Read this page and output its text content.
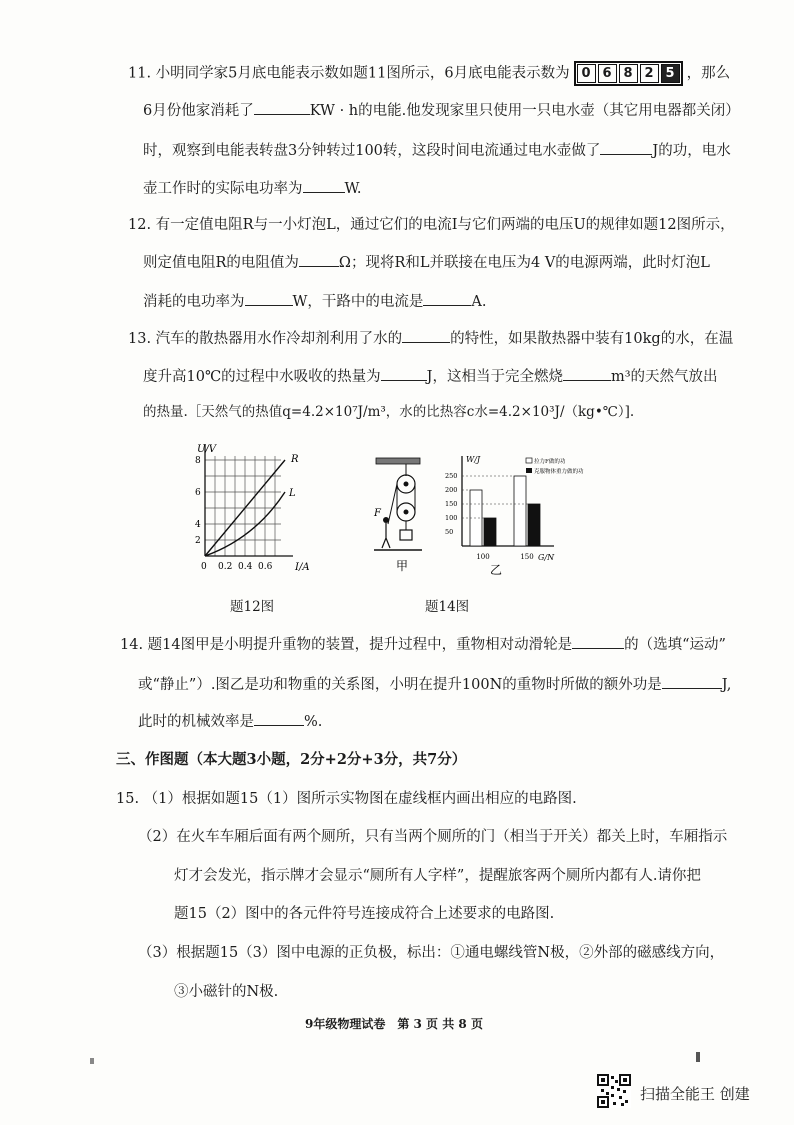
11. 小明同学家5月底电能表示数如题11图所示，6月底电能表示数为 0 6 8 2 5 ，那么
6月份他家消耗了	KW · h的电能.他发现家里只使用一只电水壶（其它用电器都关闭）
时，观察到电能表转盘3分钟转过100转，这段时间电流通过电水壶做了	J的功，电水
壶工作时的实际电功率为	W.
12. 有一定值电阻R与一小灯泡L，通过它们的电流I与它们两端的电压U的规律如题12图所示，
则定值电阻R的电阻值为	Ω；现将R和L并联接在电压为4 V的电源两端，此时灯泡L
消耗的电功率为	W，干路中的电流是	A.
13. 汽车的散热器用水作冷却剂利用了水的	的特性，如果散热器中装有10kg的水，在温
度升高10℃的过程中水吸收的热量为	J，这相当于完全燃烧	m³的天然气放出
的热量.［天然气的热值q=4.2×10⁷J/m³，水的比热容c水=4.2×10³J/（kg•℃）].
U/V
R
L
8
6
4
2
0 0.2 0.4 0.6 I/A
题12图
F
甲
W/J
G/N
拉力F做的功
克服物体重力做的功
100	150
250
200
150
100
50
乙
题14图
14. 题14图甲是小明提升重物的装置，提升过程中，重物相对动滑轮是	的（选填“运动”
或“静止”）.图乙是功和物重的关系图，小明在提升100N的重物时所做的额外功是	J,
此时的机械效率是	%.
三、作图题（本大题3小题，2分+2分+3分，共7分）
15. （1）根据如题15（1）图所示实物图在虚线框内画出相应的电路图.
（2）在火车车厢后面有两个厕所，只有当两个厕所的门（相当于开关）都关上时，车厢指示
灯才会发光，指示牌才会显示“厕所有人字样”，提醒旅客两个厕所内都有人.请你把
题15（2）图中的各元件符号连接成符合上述要求的电路图.
（3）根据题15（3）图中电源的正负极，标出：①通电螺线管N极，②外部的磁感线方向，
③小磁针的N极.
9年级物理试卷　第 3 页 共 8 页
扫描全能王 创建
